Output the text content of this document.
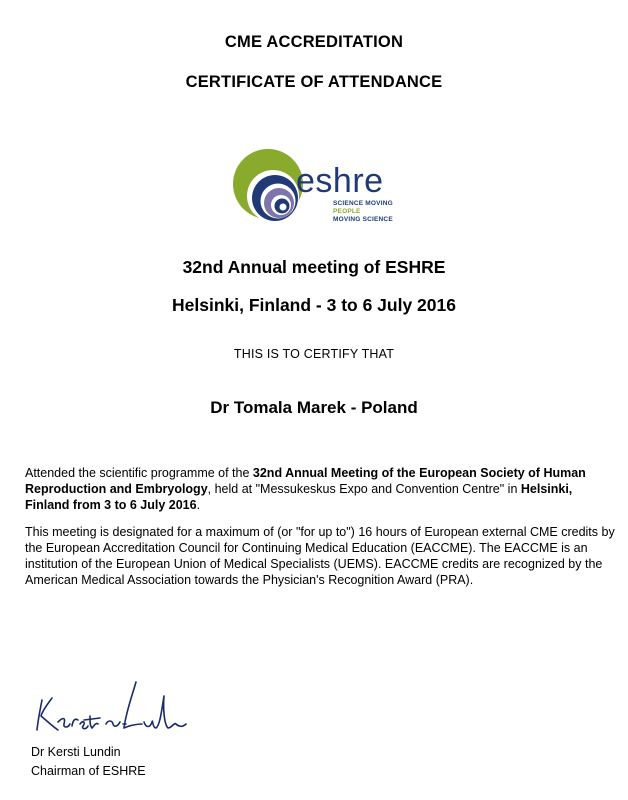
CME ACCREDITATION
CERTIFICATE OF ATTENDANCE
eshre
SCIENCE MOVING
PEOPLE
MOVING SCIENCE
32nd Annual meeting of ESHRE
Helsinki, Finland - 3 to 6 July 2016
THIS IS TO CERTIFY THAT
Dr Tomala Marek - Poland
Attended the scientific programme of the 32nd Annual Meeting of the European Society of Human Reproduction and Embryology, held at "Messukeskus Expo and Convention Centre" in Helsinki, Finland from 3 to 6 July 2016.
This meeting is designated for a maximum of (or "for up to") 16 hours of European external CME credits by the European Accreditation Council for Continuing Medical Education (EACCME). The EACCME is an institution of the European Union of Medical Specialists (UEMS). EACCME credits are recognized by the American Medical Association towards the Physician's Recognition Award (PRA).
Dr Kersti Lundin
Chairman of ESHRE
